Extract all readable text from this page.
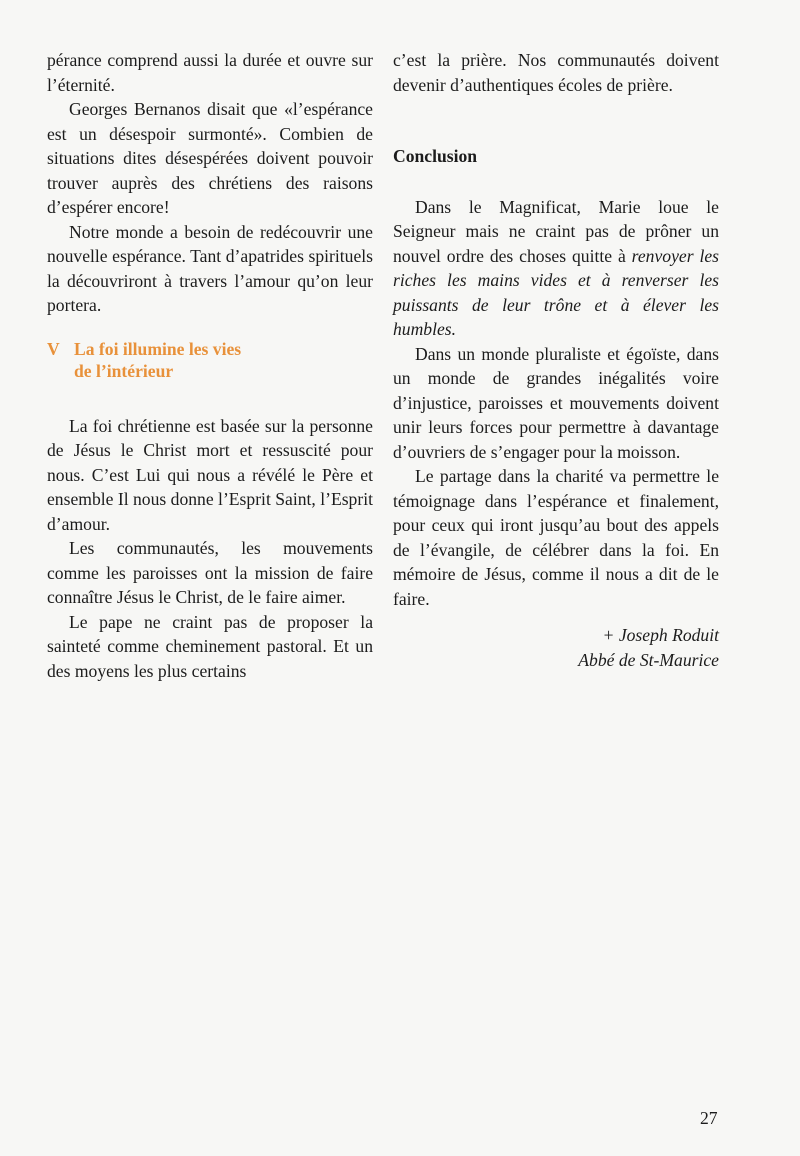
pérance comprend aussi la durée et ouvre sur l’éternité.

Georges Bernanos disait que «l’espérance est un désespoir surmonté». Combien de situations dites désespérées doivent pouvoir trouver auprès des chrétiens des raisons d’espérer encore!

Notre monde a besoin de redécouvrir une nouvelle espérance. Tant d’apatrides spirituels la découvriront à travers l’amour qu’on leur portera.

V La foi illumine les vies
de l’intérieur

La foi chrétienne est basée sur la personne de Jésus le Christ mort et ressuscité pour nous. C’est Lui qui nous a révélé le Père et ensemble Il nous donne l’Esprit Saint, l’Esprit d’amour.

Les communautés, les mouvements comme les paroisses ont la mission de faire connaître Jésus le Christ, de le faire aimer.

Le pape ne craint pas de proposer la sainteté comme cheminement pastoral. Et un des moyens les plus certains

c’est la prière. Nos communautés doivent devenir d’authentiques écoles de prière.

Conclusion

Dans le Magnificat, Marie loue le Seigneur mais ne craint pas de prôner un nouvel ordre des choses quitte à renvoyer les riches les mains vides et à renverser les puissants de leur trône et à élever les humbles.

Dans un monde pluraliste et égoïste, dans un monde de grandes inégalités voire d’injustice, paroisses et mouvements doivent unir leurs forces pour permettre à davantage d’ouvriers de s’engager pour la moisson.

Le partage dans la charité va permettre le témoignage dans l’espérance et finalement, pour ceux qui iront jusqu’au bout des appels de l’évangile, de célébrer dans la foi. En mémoire de Jésus, comme il nous a dit de le faire.

+ Joseph Roduit

Abbé de St-Maurice

27
